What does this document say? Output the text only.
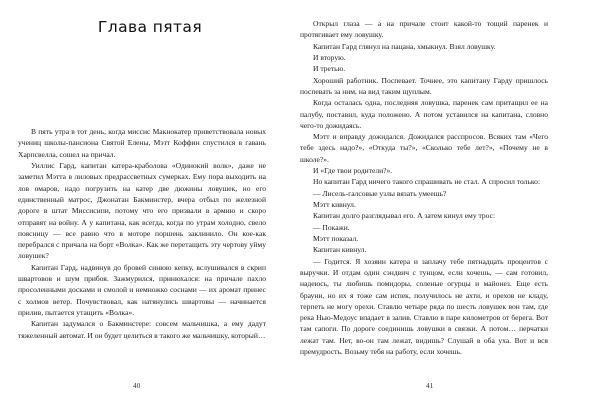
Глава пятая

В пять утра в тот день, когда миссис Макнокатер приветствовала новых учениц школы-пансиона Святой Елены, Мэтт Коффин спустился в гавань Харпсвелла, сошел на причал.

Уиллис Гард, капитан катера-краболова «Одинокий волк», даже не заметил Мэтта в лиловых предрассветных сумерках. Ему пора выходить на лов омаров, надо погрузить на катер две дюжины ловушек, но его единственный матрос, Джонатан Бакминстер, вчера отбыл по железной дороге в штат Миссисипи, потому что его призвали в армию и скоро отправят на войну. А у капитана, как всегда, когда по утрам холодно, свело поясницу — все равно что в моторе поршень заклинило. Он кое-как перебрался с причала на борт «Волка». Как же перетащить эту чертову уйму ловушек?

Капитан Гард, надвинув до бровей синюю кепку, вслушивался в скрип швартовов и шум прибоя. Зажмурился, принюхался: на причале пахло просоленными досками и смолой и немножко соснами — их аромат принес с холмов ветер. Почувствовал, как натянулись швартовы — начинается прилив, пытается утащить «Волка».

Капитан задумался о Бакминстере: совсем мальчишка, а ему дадут тяжеленный автомат. И он будет целиться в такого же мальчишку, который…

40

Открыл глаза — а на причале стоит какой-то тощий паренек и протягивает ему ловушку.

Капитан Гард глянул на пацана, хмыкнул. Взял ловушку.

И вторую.

И третью.

Хороший работник. Поспевает. Точнее, это капитану Гарду пришлось поспевать за ним, на вид таким щуплым.

Когда осталась одна, последняя ловушка, паренек сам притащил ее на палубу, поставил, куда положено. А потом уставился на капитана, словно чего-то дожидаясь.

Мэтт и вправду дожидался. Дожидался расспросов. Всяких там «Чего тебе здесь надо?», «Откуда ты?», «Сколько тебе лет?», «Почему не в школе?».

И «Где твои родители?».

Но капитан Гард ничего такого спрашивать не стал. А спросил только:

— Лисель-галсовые узлы вязать умеешь?

Мэтт кивнул.

Капитан долго разглядывал его. А затем кинул ему трос:

— Покажи.

Мэтт показал.

Капитан кивнул.

— Годится. Я хозяин катера и заплачу тебе пятнадцать процентов с выручки. И отдам один сэндвич с тунцом, если хочешь, — сам готовил, надеюсь, ты любишь помидоры, соленые огурцы и майонез. Еще есть брауни, но их я тоже сам испек, получилось не ахти, и орехов не кладу, терпеть не могу орехи. Ставлю четыре ряда по шесть ловушек вон там, где река Нью-Медоус впадает в залив. Ставлю в паре километров от берега. Вот там сапоги. По дороге соединишь ловушки в связки. А потом… перчатки лежат там. Нет, во-он там лежат, видишь? Слушай в оба уха. Вот и вся премудрость. Возьму тебя на работу, если хочешь.

41
